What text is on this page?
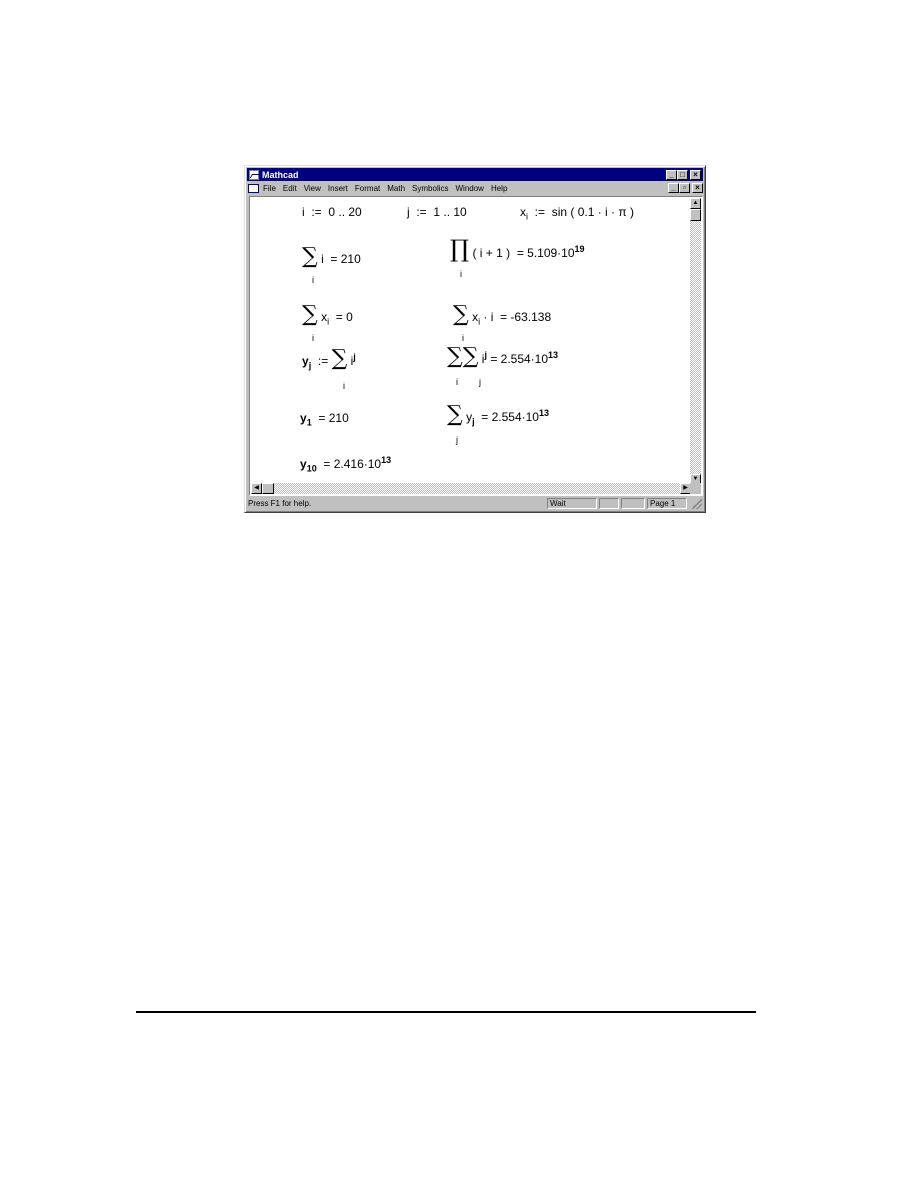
Mathcad	_ □	×
File Edit View Insert Format Math Symbolics Window Help	_ ▫	×
i := 0 .. 20	j := 1 .. 10	$x_i$ := sin ( 0.1 · i · π )
∑ i = 210
i
∏ ( i + 1 ) = $5.109\cdot 10^{19}$
i
∑ $x_i = 0$
i
∑ $x_i \cdot i = -63.138$
i
$y_j$ := ∑ $i^j$
i
∑∑ $i^j = 2.554\cdot 10^{13}$
i j
$y_1 = 210$	∑ $y_j = 2.554\cdot 10^{13}$
j
$y_{10} = 2.416\cdot 10^{13}$
▲
▼
◀	▶
Press F1 for help.	Wait	Page 1
